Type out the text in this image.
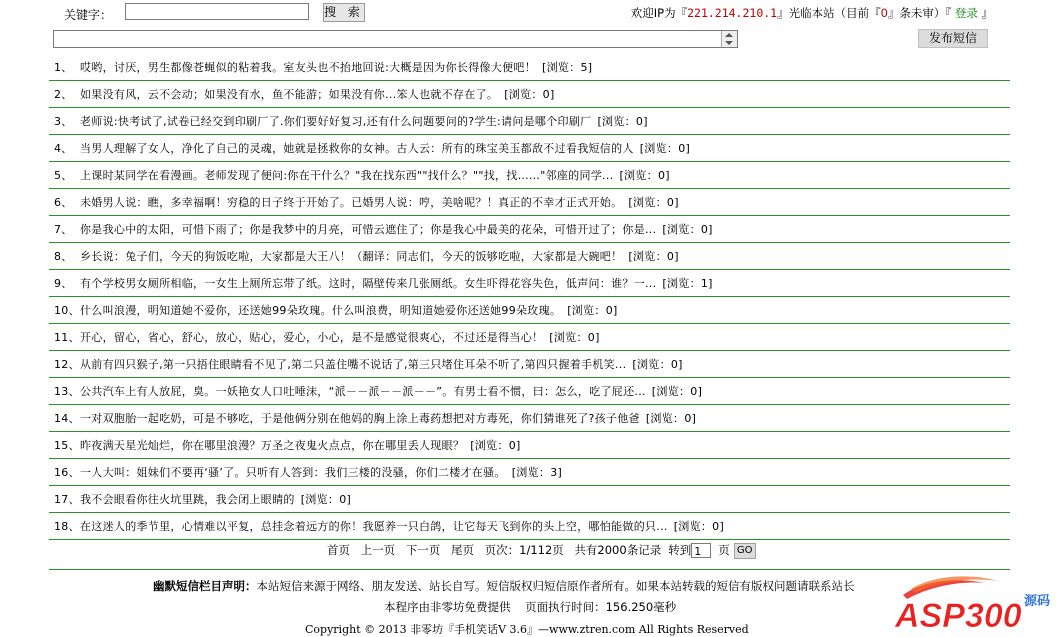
关键字：	搜 索	欢迎IP为『221.214.210.1』光临本站（目前『0』条未审）『 登录 』
发布短信
1、 哎哟，讨厌，男生都像苍蝇似的粘着我。室友头也不抬地回说:大概是因为你长得像大便吧！ [浏览：5]
2、 如果没有风，云不会动；如果没有水，鱼不能游；如果没有你...笨人也就不存在了。 [浏览：0]
3、 老师说:快考试了,试卷已经交到印刷厂了.你们要好好复习,还有什么问题要问的?学生:请问是哪个印刷厂 [浏览：0]
4、 当男人理解了女人，净化了自己的灵魂，她就是拯救你的女神。古人云：所有的珠宝美玉都敌不过看我短信的人 [浏览：0]
5、 上课时某同学在看漫画。老师发现了便问:你在干什么？"我在找东西""找什么？""找，找……"邻座的同学... [浏览：0]
6、 未婚男人说：瞧，多幸福啊！穷稳的日子终于开始了。已婚男人说：哼，美啥呢？！真正的不幸才正式开始。 [浏览：0]
7、 你是我心中的太阳，可惜下雨了；你是我梦中的月亮，可惜云遮住了；你是我心中最美的花朵，可惜开过了；你是... [浏览：0]
8、 乡长说：兔子们，今天的狗饭吃啦，大家都是大王八！（翻译：同志们，今天的饭够吃啦，大家都是大碗吧！ [浏览：0]
9、 有个学校男女厕所相临，一女生上厕所忘带了纸。这时，隔壁传来几张厕纸。女生吓得花容失色，低声问：谁？一... [浏览：1]
10、 什么叫浪漫，明知道她不爱你，还送她99朵玫瑰。什么叫浪费，明知道她爱你还送她99朵玫瑰。 [浏览：0]
11、 开心，留心，省心，舒心，放心，贴心，爱心，小心，是不是感觉很爽心，不过还是得当心！ [浏览：0]
12、 从前有四只猴子,第一只捂住眼睛看不见了,第二只盖住嘴不说话了,第三只堵住耳朵不听了,第四只握着手机笑... [浏览：0]
13、 公共汽车上有人放屁，臭。一妖艳女人口吐唾沫，“派－－派－－派－－”。有男士看不惯，曰：怎么，吃了屁还... [浏览：0]
14、 一对双胞胎一起吃奶，可是不够吃，于是他俩分别在他妈的胸上涂上毒药想把对方毒死，你们猜谁死了?孩子他爸 [浏览：0]
15、 昨夜满天星光灿烂，你在哪里浪漫？万圣之夜鬼火点点，你在哪里丢人现眼？ [浏览：0]
16、 一人大叫：姐妹们不要再‘骚’了。只听有人答到：我们三楼的没骚，你们二楼才在骚。 [浏览：3]
17、 我不会眼看你往火坑里跳，我会闭上眼睛的 [浏览：0]
18、 在这迷人的季节里，心情难以平复，总挂念着远方的你！我愿养一只白鸽，让它每天飞到你的头上空，哪怕能做的只... [浏览：0]
首页 上一页 下一页 尾页 页次：1/112页 共有2000条记录 转到 1 页 GO
幽默短信栏目声明：本站短信来源于网络、朋友发送、站长自写。短信版权归短信原作者所有。如果本站转载的短信有版权问题请联系站长
本程序由非零坊免费提供    页面执行时间：156.250毫秒
Copyright © 2013 非零坊『手机笑话V 3.6』—www.ztren.com All Rights Reserved	ASP300 源码
